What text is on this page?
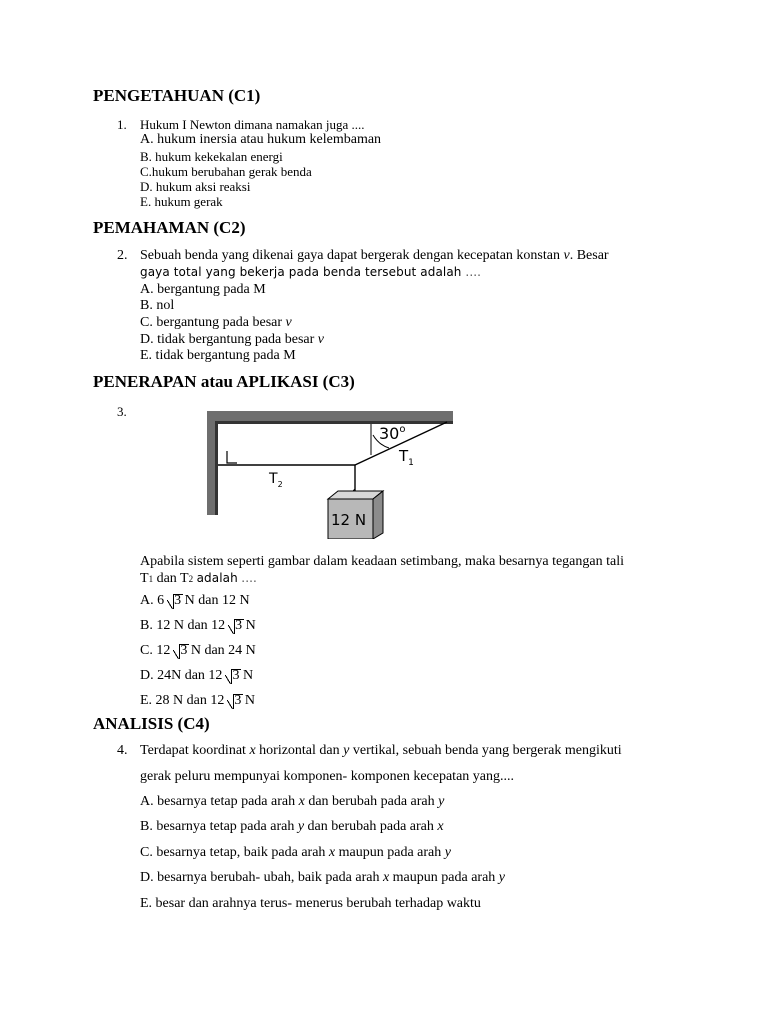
PENGETAHUAN (C1)

1. Hukum I Newton dimana namakan juga ....

A. hukum inersia atau hukum kelembaman

B. hukum kekekalan energi

C.hukum berubahan gerak benda

D. hukum aksi reaksi

E. hukum gerak

PEMAHAMAN (C2)

2. Sebuah benda yang dikenai gaya dapat bergerak dengan kecepatan konstan v. Besar

gaya total yang bekerja pada benda tersebut adalah ....

A. bergantung pada M

B. nol

C. bergantung pada besar v

D. tidak bergantung pada besar v

E. tidak bergantung pada M

PENERAPAN atau APLIKASI (C3)

3.

30$^o$
$T_1$
$T_2$
12 N

Apabila sistem seperti gambar dalam keadaan setimbang, maka besarnya tegangan tali

T1 dan T2 adalah ....

A. 6 3 N dan 12 N

B. 12 N dan 12 3 N

C. 12 3 N dan 24 N

D. 24N dan 12 3 N

E. 28 N dan 12 3 N

ANALISIS (C4)

4. Terdapat koordinat x horizontal dan y vertikal, sebuah benda yang bergerak mengikuti

gerak peluru mempunyai komponen- komponen kecepatan yang....

A. besarnya tetap pada arah x dan berubah pada arah y

B. besarnya tetap pada arah y dan berubah pada arah x

C. besarnya tetap, baik pada arah x maupun pada arah y

D. besarnya berubah- ubah, baik pada arah x maupun pada arah y

E. besar dan arahnya terus- menerus berubah terhadap waktu
